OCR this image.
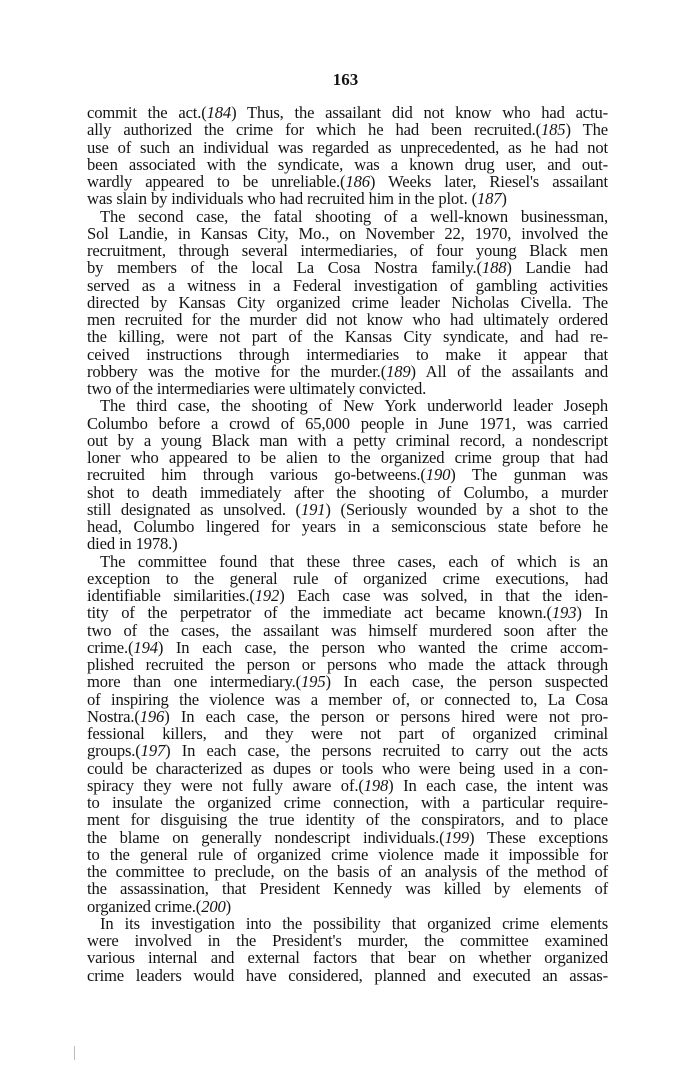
163
commit the act.(184) Thus, the assailant did not know who had actu-
ally authorized the crime for which he had been recruited.(185) The
use of such an individual was regarded as unprecedented, as he had not
been associated with the syndicate, was a known drug user, and out-
wardly appeared to be unreliable.(186) Weeks later, Riesel's assailant
was slain by individuals who had recruited him in the plot. (187)
The second case, the fatal shooting of a well-known businessman,
Sol Landie, in Kansas City, Mo., on November 22, 1970, involved the
recruitment, through several intermediaries, of four young Black men
by members of the local La Cosa Nostra family.(188) Landie had
served as a witness in a Federal investigation of gambling activities
directed by Kansas City organized crime leader Nicholas Civella. The
men recruited for the murder did not know who had ultimately ordered
the killing, were not part of the Kansas City syndicate, and had re-
ceived instructions through intermediaries to make it appear that
robbery was the motive for the murder.(189) All of the assailants and
two of the intermediaries were ultimately convicted.
The third case, the shooting of New York underworld leader Joseph
Columbo before a crowd of 65,000 people in June 1971, was carried
out by a young Black man with a petty criminal record, a nondescript
loner who appeared to be alien to the organized crime group that had
recruited him through various go-betweens.(190) The gunman was
shot to death immediately after the shooting of Columbo, a murder
still designated as unsolved. (191) (Seriously wounded by a shot to the
head, Columbo lingered for years in a semiconscious state before he
died in 1978.)
The committee found that these three cases, each of which is an
exception to the general rule of organized crime executions, had
identifiable similarities.(192) Each case was solved, in that the iden-
tity of the perpetrator of the immediate act became known.(193) In
two of the cases, the assailant was himself murdered soon after the
crime.(194) In each case, the person who wanted the crime accom-
plished recruited the person or persons who made the attack through
more than one intermediary.(195) In each case, the person suspected
of inspiring the violence was a member of, or connected to, La Cosa
Nostra.(196) In each case, the person or persons hired were not pro-
fessional killers, and they were not part of organized criminal
groups.(197) In each case, the persons recruited to carry out the acts
could be characterized as dupes or tools who were being used in a con-
spiracy they were not fully aware of.(198) In each case, the intent was
to insulate the organized crime connection, with a particular require-
ment for disguising the true identity of the conspirators, and to place
the blame on generally nondescript individuals.(199) These exceptions
to the general rule of organized crime violence made it impossible for
the committee to preclude, on the basis of an analysis of the method of
the assassination, that President Kennedy was killed by elements of
organized crime.(200)
In its investigation into the possibility that organized crime elements
were involved in the President's murder, the committee examined
various internal and external factors that bear on whether organized
crime leaders would have considered, planned and executed an assas-
